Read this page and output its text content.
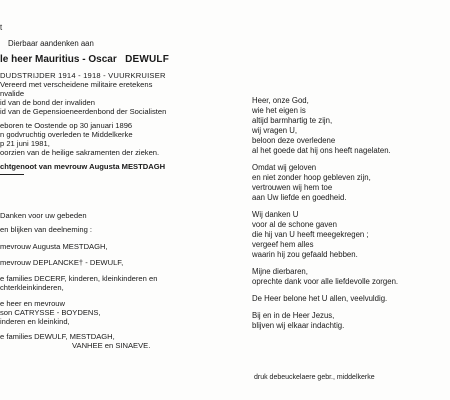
t
Dierbaar aandenken aan
le heer Mauritius - Oscar DEWULF
DUDSTRIJDER 1914 - 1918 - VUURKRUISER
Vereerd met verscheidene militaire eretekens
nvalide
id van de bond der invaliden
id van de Gepensioeneerdenbond der Socialisten
eboren te Oostende op 30 januari 1896
n godvruchtig overleden te Middelkerke
p 21 juni 1981,
oorzien van de heilige sakramenten der zieken.
chtgenoot van mevrouw Augusta MESTDAGH
Danken voor uw gebeden
en blijken van deelneming :
mevrouw Augusta MESTDAGH,
mevrouw DEPLANCKE† - DEWULF,
e families DECERF, kinderen, kleinkinderen en
chterkleinkinderen,
e heer en mevrouw
son CATRYSSE - BOYDENS,
inderen en kleinkind,
e families DEWULF, MESTDAGH,
VANHEE en SINAEVE.
Heer, onze God,
wie het eigen is
altijd barmhartig te zijn,
wij vragen U,
beloon deze overledene
al het goede dat hij ons heeft nagelaten.
Omdat wij geloven
en niet zonder hoop gebleven zijn,
vertrouwen wij hem toe
aan Uw liefde en goedheid.
Wij danken U
voor al de schone gaven
die hij van U heeft meegekregen ;
vergeef hem alles
waarin hij zou gefaald hebben.
Mijne dierbaren,
oprechte dank voor alle liefdevolle zorgen.
De Heer belone het U allen, veelvuldig.
Bij en in de Heer Jezus,
blijven wij elkaar indachtig.
druk debeuckelaere gebr., middelkerke
